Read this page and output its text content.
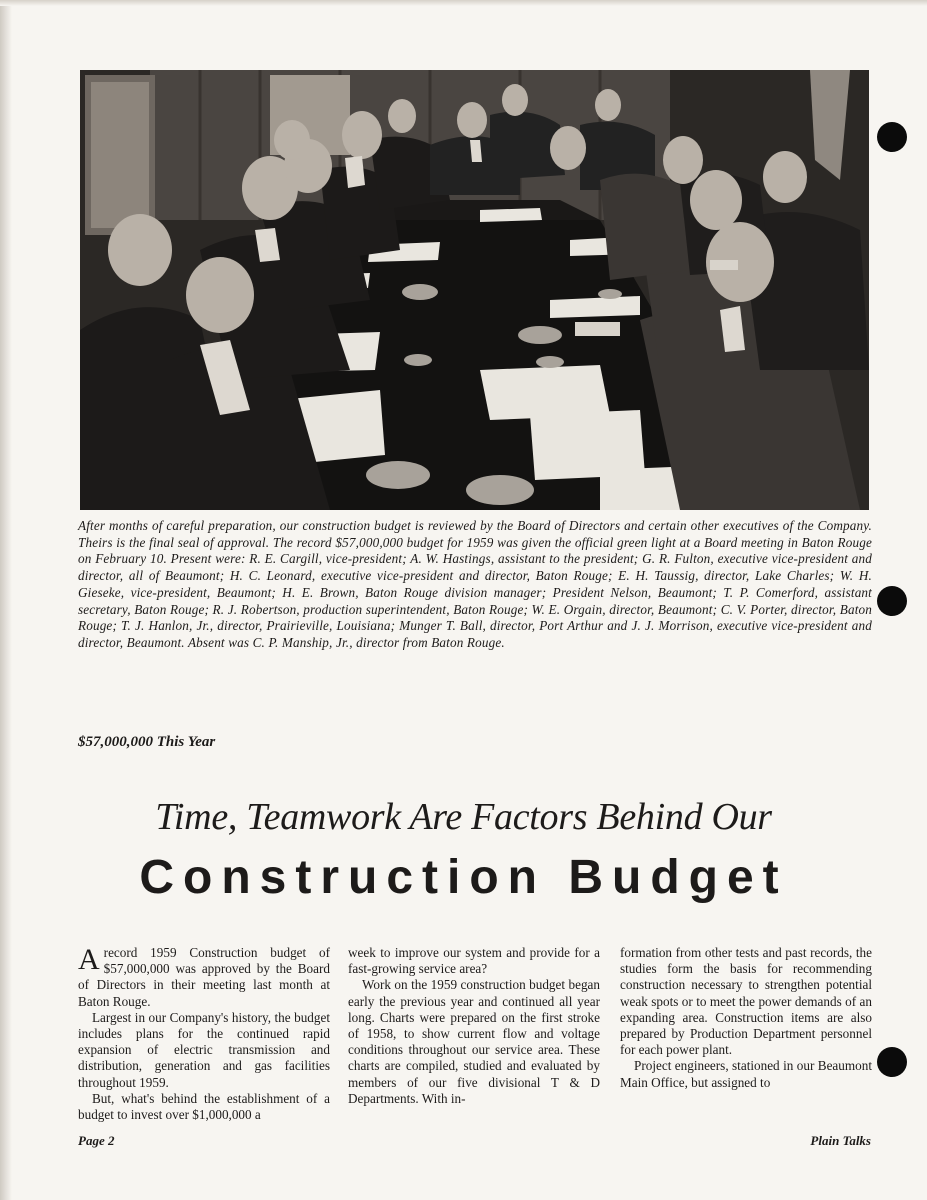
After months of careful preparation, our construction budget is reviewed by the Board of Directors and certain other executives of the Company. Theirs is the final seal of approval. The record $57,000,000 budget for 1959 was given the official green light at a Board meeting in Baton Rouge on February 10. Present were: R. E. Cargill, vice-president; A. W. Hastings, assistant to the president; G. R. Fulton, executive vice-president and director, all of Beaumont; H. C. Leonard, executive vice-president and director, Baton Rouge; E. H. Taussig, director, Lake Charles; W. H. Gieseke, vice-president, Beaumont; H. E. Brown, Baton Rouge division manager; President Nelson, Beaumont; T. P. Comerford, assistant secretary, Baton Rouge; R. J. Robertson, production superintendent, Baton Rouge; W. E. Orgain, director, Beaumont; C. V. Porter, director, Baton Rouge; T. J. Hanlon, Jr., director, Prairieville, Louisiana; Munger T. Ball, director, Port Arthur and J. J. Morrison, executive vice-president and director, Beaumont. Absent was C. P. Manship, Jr., director from Baton Rouge.
$57,000,000 This Year
Time, Teamwork Are Factors Behind Our
Construction Budget

Arecord 1959 Construction budget of $57,000,000 was approved by the Board of Directors in their meeting last month at Baton Rouge.

Largest in our Company's history, the budget includes plans for the continued rapid expansion of electric transmission and distribution, generation and gas facilities throughout 1959.

But, what's behind the establishment of a budget to invest over $1,000,000 a

week to improve our system and provide for a fast-growing service area?

Work on the 1959 construction budget began early the previous year and continued all year long. Charts were prepared on the first stroke of 1958, to show current flow and voltage conditions throughout our service area. These charts are compiled, studied and evaluated by members of our five divisional T & D Departments. With in-

formation from other tests and past records, the studies form the basis for recommending construction necessary to strengthen potential weak spots or to meet the power demands of an expanding area. Construction items are also prepared by Production Department personnel for each power plant.

Project engineers, stationed in our Beaumont Main Office, but assigned to

Page 2	Plain Talks
